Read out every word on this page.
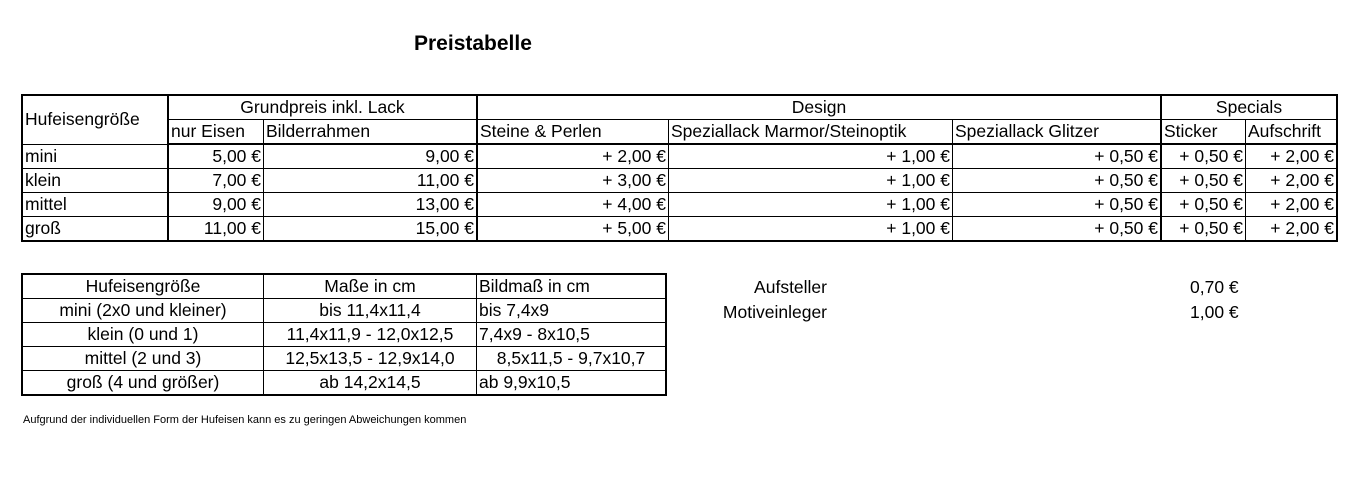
Preistabelle
Hufeisengröße	Grundpreis inkl. Lack		Design			Specials	
	nur Eisen	Bilderrahmen	Steine & Perlen	Speziallack Marmor/Steinoptik	Speziallack Glitzer	Sticker	Aufschrift
mini	5,00 €	9,00 €	+ 2,00 €	+ 1,00 €	+ 0,50 €	+ 0,50 €	+ 2,00 €
klein	7,00 €	11,00 €	+ 3,00 €	+ 1,00 €	+ 0,50 €	+ 0,50 €	+ 2,00 €
mittel	9,00 €	13,00 €	+ 4,00 €	+ 1,00 €	+ 0,50 €	+ 0,50 €	+ 2,00 €
groß	11,00 €	15,00 €	+ 5,00 €	+ 1,00 €	+ 0,50 €	+ 0,50 €	+ 2,00 €
Hufeisengröße	Maße in cm	Bildmaß in cm
mini (2x0 und kleiner)	bis 11,4x11,4	bis 7,4x9
klein (0 und 1)	11,4x11,9 - 12,0x12,5	7,4x9 - 8x10,5
mittel (2 und 3)	12,5x13,5 - 12,9x14,0	8,5x11,5 - 9,7x10,7
groß (4 und größer)	ab 14,2x14,5	ab 9,9x10,5
Aufsteller	0,70 €
Motiveinleger	1,00 €
Aufgrund der individuellen Form der Hufeisen kann es zu geringen Abweichungen kommen
